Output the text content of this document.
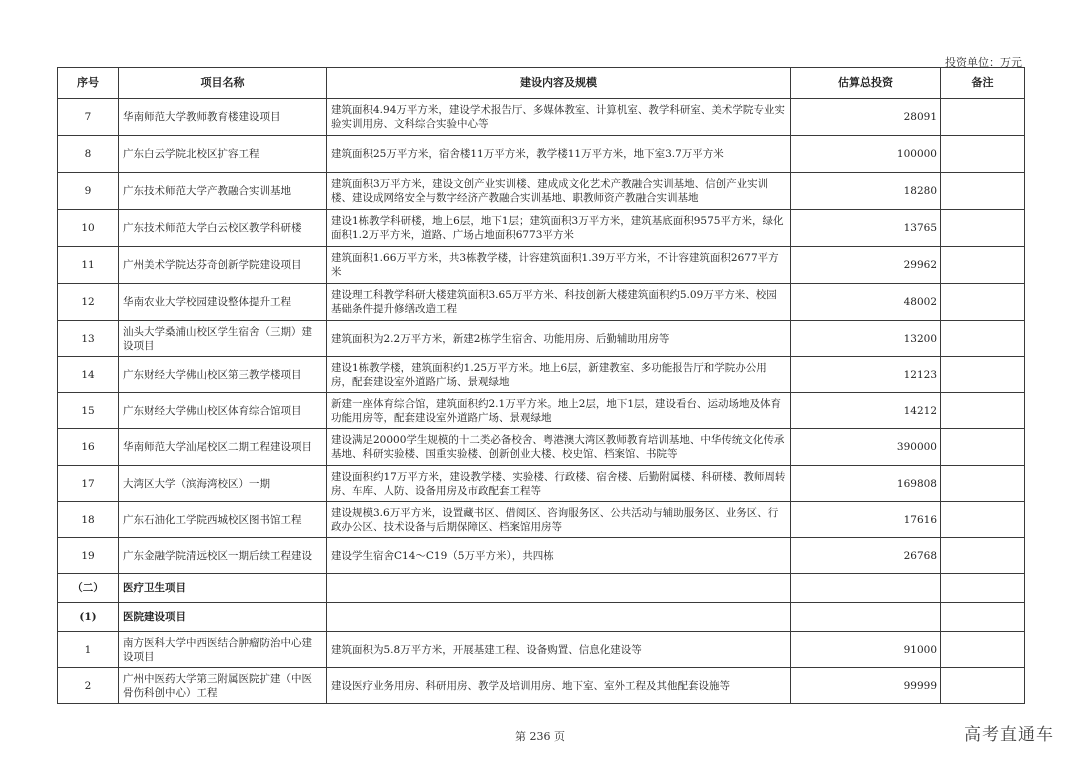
投资单位：万元
序号	项目名称	建设内容及规模	估算总投资	备注
7	华南师范大学教师教育楼建设项目	建筑面积4.94万平方米，建设学术报告厅、多媒体教室、计算机室、教学科研室、美术学院专业实验实训用房、文科综合实验中心等	28091	
8	广东白云学院北校区扩容工程	建筑面积25万平方米，宿舍楼11万平方米，教学楼11万平方米，地下室3.7万平方米	100000	
9	广东技术师范大学产教融合实训基地	建筑面积3万平方米，建设文创产业实训楼、建成成文化艺术产教融合实训基地、信创产业实训楼、建设成网络安全与数字经济产教融合实训基地、职教师资产教融合实训基地	18280	
10	广东技术师范大学白云校区教学科研楼	建设1栋教学科研楼，地上6层，地下1层；建筑面积3万平方米，建筑基底面积9575平方米，绿化面积1.2万平方米，道路、广场占地面积6773平方米	13765	
11	广州美术学院达芬奇创新学院建设项目	建筑面积1.66万平方米，共3栋教学楼，计容建筑面积1.39万平方米，不计容建筑面积2677平方米	29962	
12	华南农业大学校园建设整体提升工程	建设理工科教学科研大楼建筑面积3.65万平方米、科技创新大楼建筑面积约5.09万平方米、校园基础条件提升修缮改造工程	48002	
13	汕头大学桑浦山校区学生宿舍（三期）建设项目	建筑面积为2.2万平方米，新建2栋学生宿舍、功能用房、后勤辅助用房等	13200	
14	广东财经大学佛山校区第三教学楼项目	建设1栋教学楼，建筑面积约1.25万平方米。地上6层，新建教室、多功能报告厅和学院办公用房，配套建设室外道路广场、景观绿地	12123	
15	广东财经大学佛山校区体育综合馆项目	新建一座体育综合馆，建筑面积约2.1万平方米。地上2层，地下1层，建设看台、运动场地及体育功能用房等，配套建设室外道路广场、景观绿地	14212	
16	华南师范大学汕尾校区二期工程建设项目	建设满足20000学生规模的十二类必备校舍、粤港澳大湾区教师教育培训基地、中华传统文化传承基地、科研实验楼、国重实验楼、创新创业大楼、校史馆、档案馆、书院等	390000	
17	大湾区大学（滨海湾校区）一期	建设面积约17万平方米，建设教学楼、实验楼、行政楼、宿舍楼、后勤附属楼、科研楼、教师周转房、车库、人防、设备用房及市政配套工程等	169808	
18	广东石油化工学院西城校区图书馆工程	建设规模3.6万平方米，设置藏书区、借阅区、咨询服务区、公共活动与辅助服务区、业务区、行政办公区、技术设备与后期保障区、档案馆用房等	17616	
19	广东金融学院清远校区一期后续工程建设	建设学生宿舍C14～C19（5万平方米），共四栋	26768	
（二）	医疗卫生项目			
(1)	医院建设项目			
1	南方医科大学中西医结合肿瘤防治中心建设项目	建筑面积为5.8万平方米，开展基建工程、设备购置、信息化建设等	91000	
2	广州中医药大学第三附属医院扩建（中医骨伤科创中心）工程	建设医疗业务用房、科研用房、教学及培训用房、地下室、室外工程及其他配套设施等	99999	
第 236 页	高考直通车
